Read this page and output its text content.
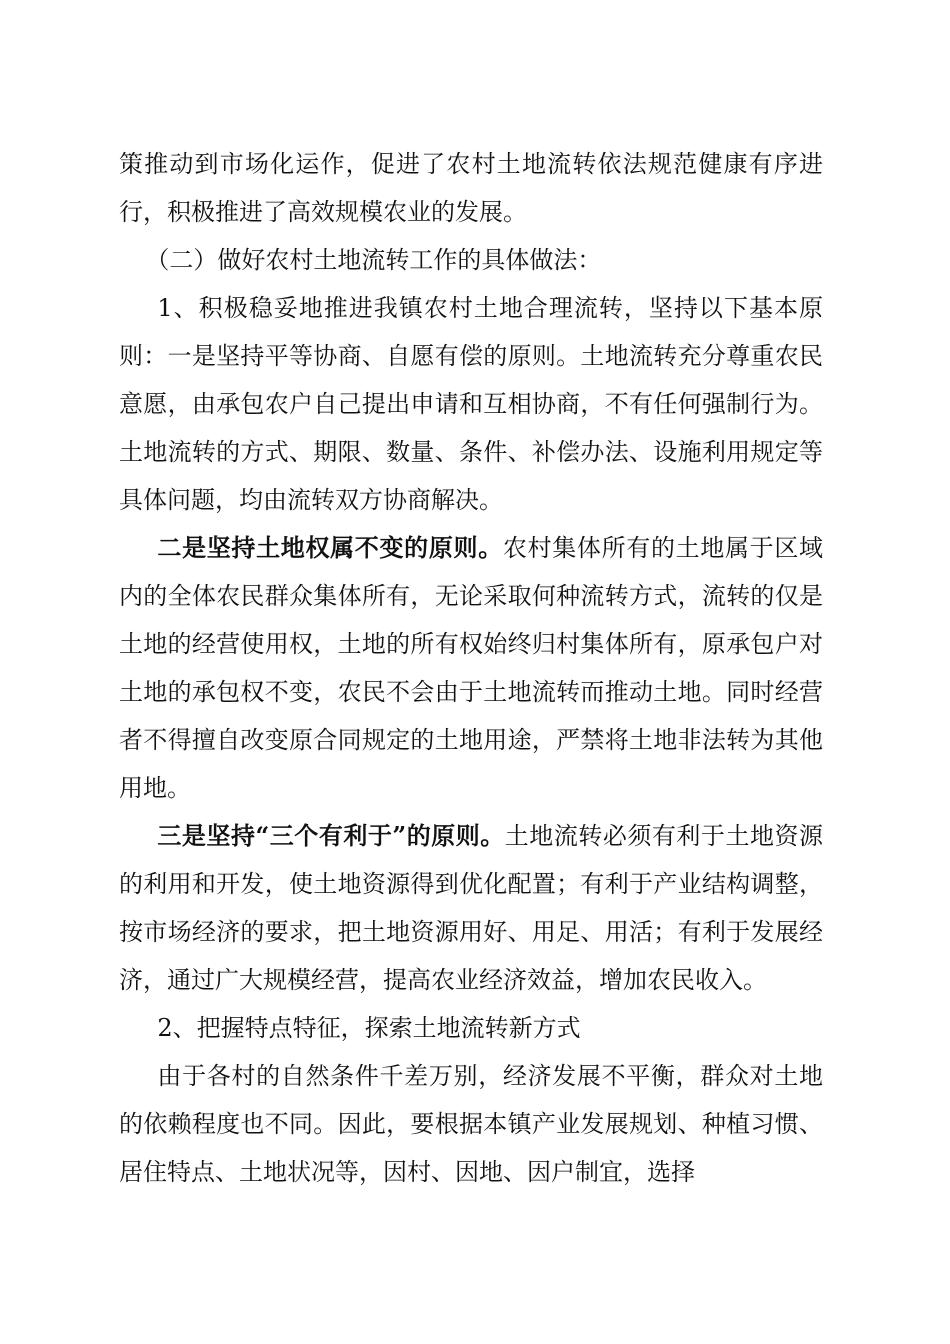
策推动到市场化运作，促进了农村土地流转依法规范健康有序进行，积极推进了高效规模农业的发展。

（二）做好农村土地流转工作的具体做法：

1、积极稳妥地推进我镇农村土地合理流转，坚持以下基本原则：一是坚持平等协商、自愿有偿的原则。土地流转充分尊重农民意愿，由承包农户自己提出申请和互相协商，不有任何强制行为。土地流转的方式、期限、数量、条件、补偿办法、设施利用规定等具体问题，均由流转双方协商解决。

二是坚持土地权属不变的原则。农村集体所有的土地属于区域内的全体农民群众集体所有，无论采取何种流转方式，流转的仅是土地的经营使用权，土地的所有权始终归村集体所有，原承包户对土地的承包权不变，农民不会由于土地流转而推动土地。同时经营者不得擅自改变原合同规定的土地用途，严禁将土地非法转为其他用地。

三是坚持“三个有利于”的原则。土地流转必须有利于土地资源的利用和开发，使土地资源得到优化配置；有利于产业结构调整，按市场经济的要求，把土地资源用好、用足、用活；有利于发展经济，通过广大规模经营，提高农业经济效益，增加农民收入。

2、把握特点特征，探索土地流转新方式

由于各村的自然条件千差万别，经济发展不平衡，群众对土地的依赖程度也不同。因此，要根据本镇产业发展规划、种植习惯、居住特点、土地状况等，因村、因地、因户制宜，选择
